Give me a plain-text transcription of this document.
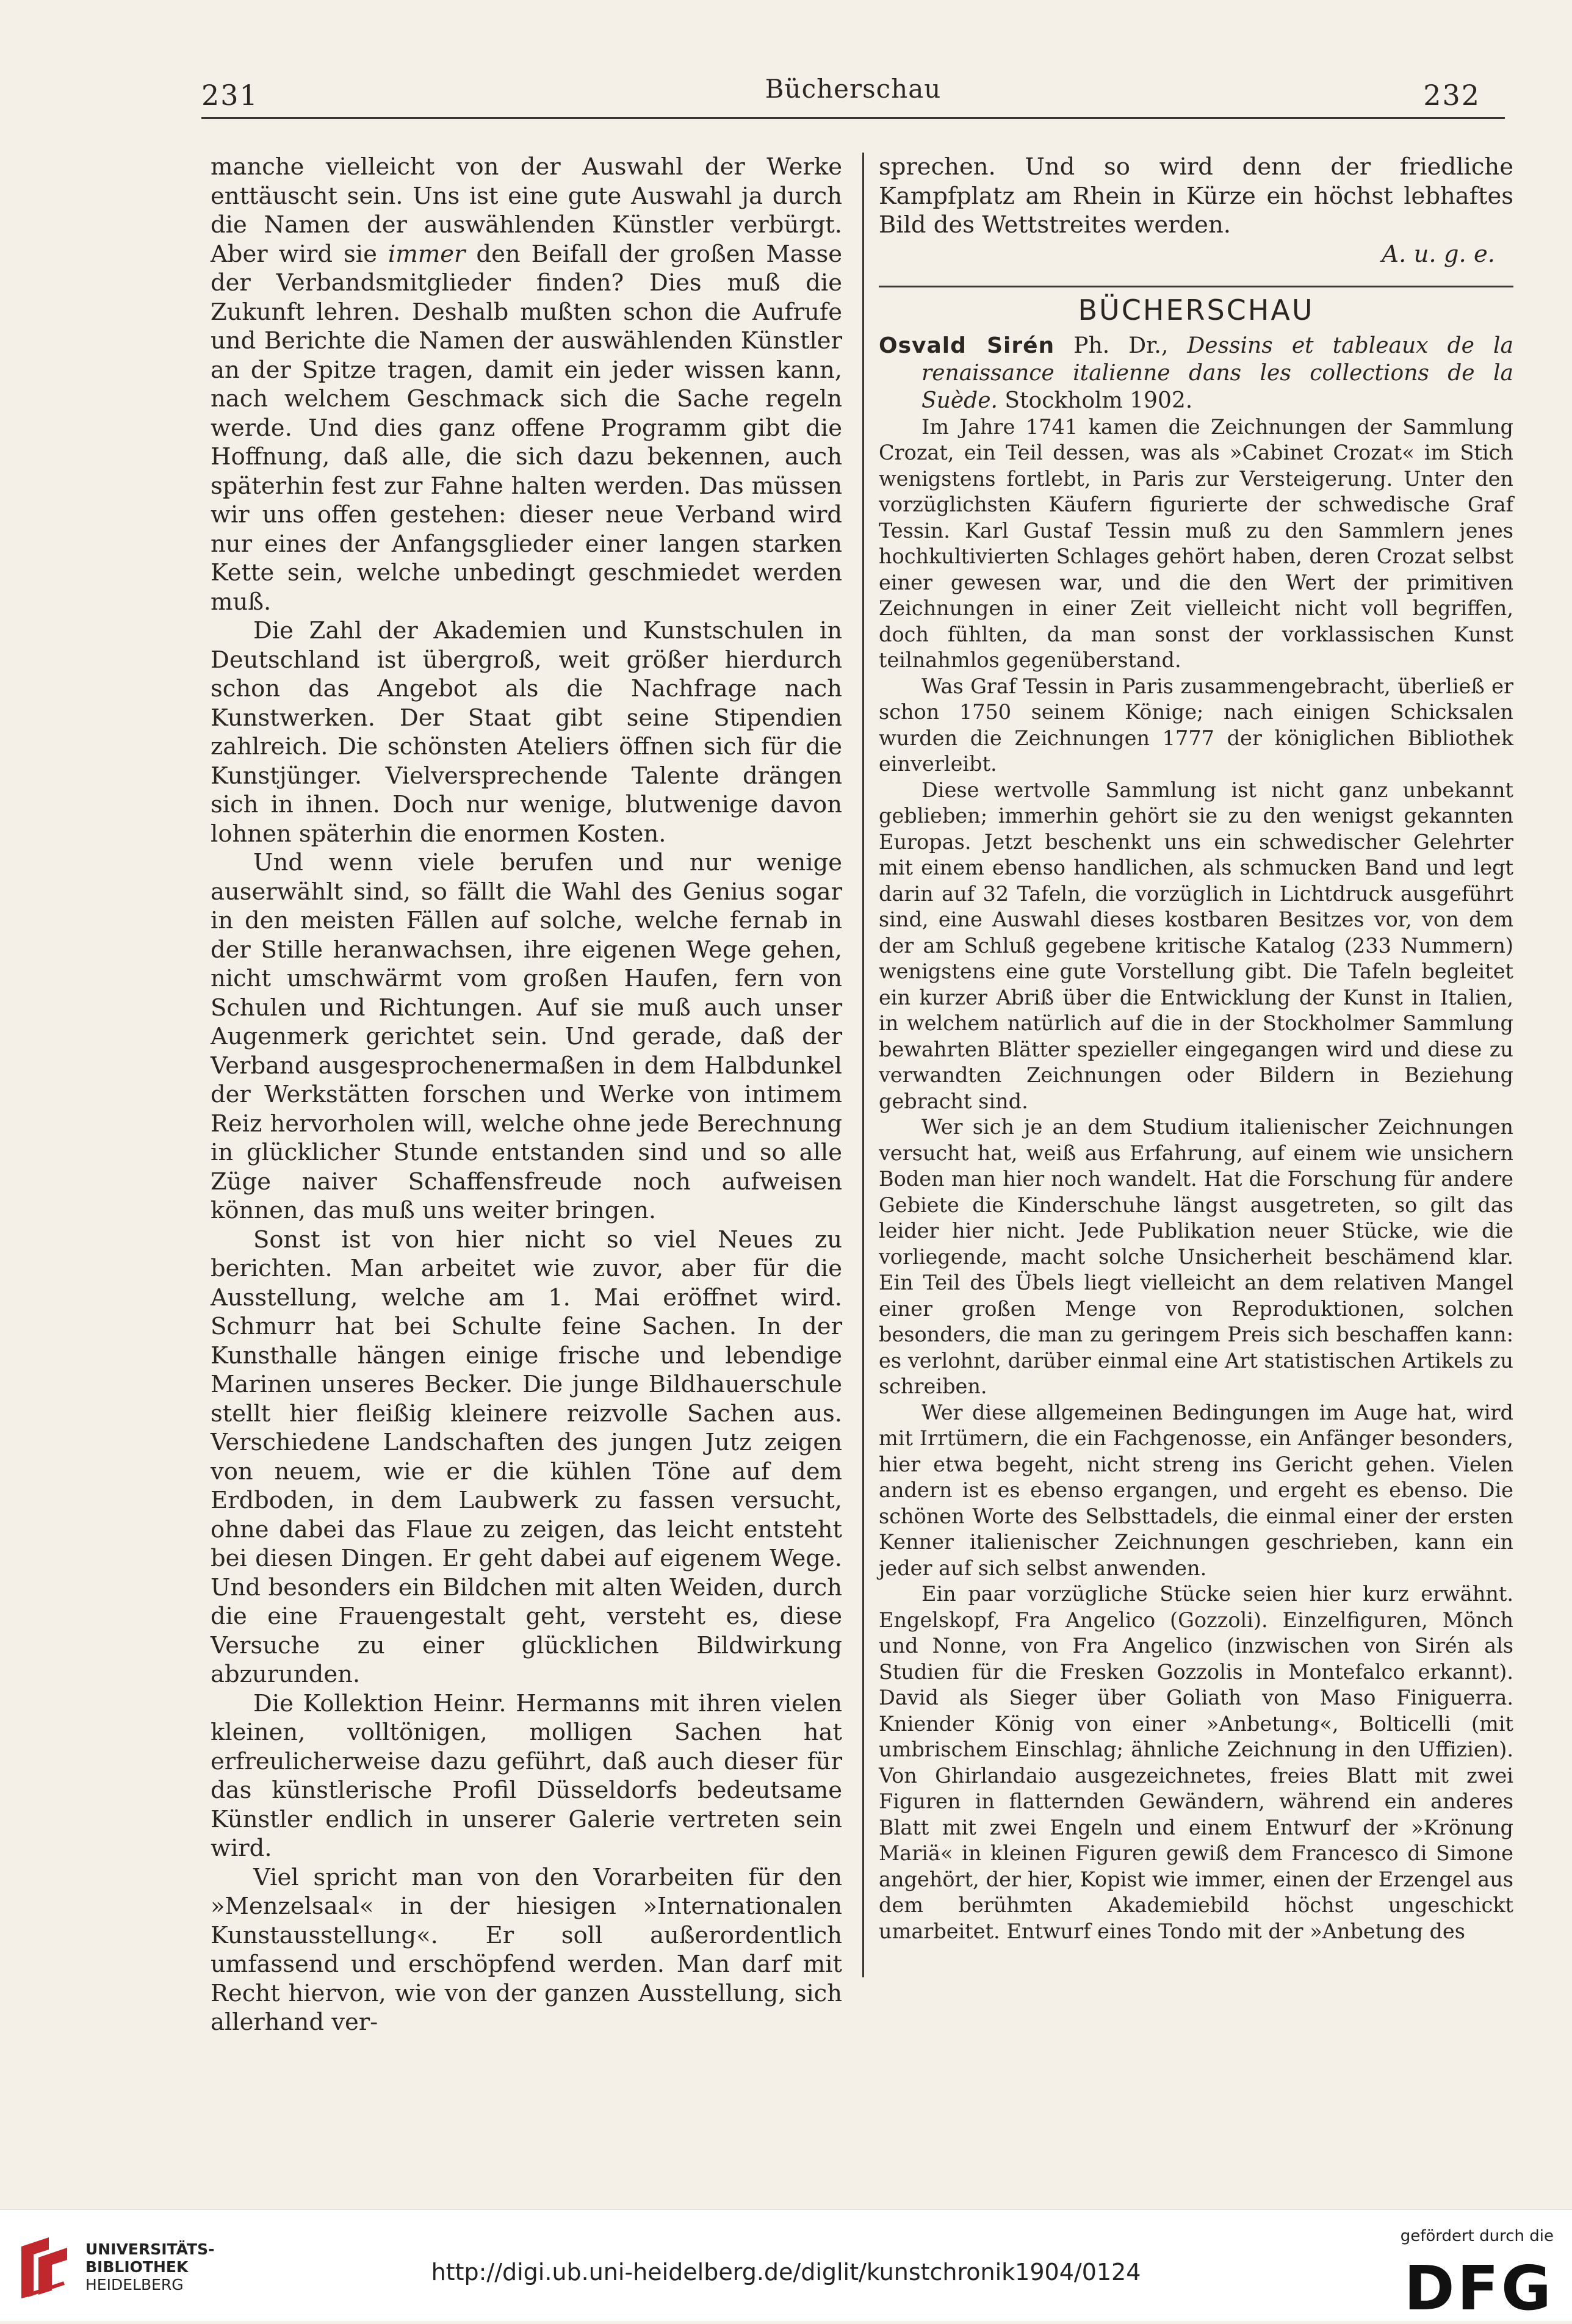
231	Bücherschau	232

manche vielleicht von der Auswahl der Werke enttäuscht sein. Uns ist eine gute Auswahl ja durch die Namen der auswählenden Künstler verbürgt. Aber wird sie immer den Beifall der großen Masse der Verbandsmitglieder finden? Dies muß die Zukunft lehren. Deshalb mußten schon die Aufrufe und Berichte die Namen der auswählenden Künstler an der Spitze tragen, damit ein jeder wissen kann, nach welchem Geschmack sich die Sache regeln werde. Und dies ganz offene Programm gibt die Hoffnung, daß alle, die sich dazu bekennen, auch späterhin fest zur Fahne halten werden. Das müssen wir uns offen gestehen: dieser neue Verband wird nur eines der Anfangsglieder einer langen starken Kette sein, welche unbedingt geschmiedet werden muß.

Die Zahl der Akademien und Kunstschulen in Deutschland ist übergroß, weit größer hierdurch schon das Angebot als die Nachfrage nach Kunstwerken. Der Staat gibt seine Stipendien zahlreich. Die schönsten Ateliers öffnen sich für die Kunstjünger. Vielversprechende Talente drängen sich in ihnen. Doch nur wenige, blutwenige davon lohnen späterhin die enormen Kosten.

Und wenn viele berufen und nur wenige auserwählt sind, so fällt die Wahl des Genius sogar in den meisten Fällen auf solche, welche fernab in der Stille heranwachsen, ihre eigenen Wege gehen, nicht umschwärmt vom großen Haufen, fern von Schulen und Richtungen. Auf sie muß auch unser Augenmerk gerichtet sein. Und gerade, daß der Verband ausgesprochenermaßen in dem Halbdunkel der Werkstätten forschen und Werke von intimem Reiz hervorholen will, welche ohne jede Berechnung in glücklicher Stunde entstanden sind und so alle Züge naiver Schaffensfreude noch aufweisen können, das muß uns weiter bringen.

Sonst ist von hier nicht so viel Neues zu berichten. Man arbeitet wie zuvor, aber für die Ausstellung, welche am 1. Mai eröffnet wird. Schmurr hat bei Schulte feine Sachen. In der Kunsthalle hängen einige frische und lebendige Marinen unseres Becker. Die junge Bildhauerschule stellt hier fleißig kleinere reizvolle Sachen aus. Verschiedene Landschaften des jungen Jutz zeigen von neuem, wie er die kühlen Töne auf dem Erdboden, in dem Laubwerk zu fassen versucht, ohne dabei das Flaue zu zeigen, das leicht entsteht bei diesen Dingen. Er geht dabei auf eigenem Wege. Und besonders ein Bildchen mit alten Weiden, durch die eine Frauengestalt geht, versteht es, diese Versuche zu einer glücklichen Bildwirkung abzurunden.

Die Kollektion Heinr. Hermanns mit ihren vielen kleinen, volltönigen, molligen Sachen hat erfreulicherweise dazu geführt, daß auch dieser für das künstlerische Profil Düsseldorfs bedeutsame Künstler endlich in unserer Galerie vertreten sein wird.

Viel spricht man von den Vorarbeiten für den »Menzelsaal« in der hiesigen »Internationalen Kunstausstellung«. Er soll außerordentlich umfassend und erschöpfend werden. Man darf mit Recht hiervon, wie von der ganzen Ausstellung, sich allerhand ver-

sprechen. Und so wird denn der friedliche Kampfplatz am Rhein in Kürze ein höchst lebhaftes Bild des Wettstreites werden.

A. u. g. e.
BÜCHERSCHAU

Osvald Sirén Ph. Dr., Dessins et tableaux de la renaissance italienne dans les collections de la Suède. Stockholm 1902.

Im Jahre 1741 kamen die Zeichnungen der Sammlung Crozat, ein Teil dessen, was als »Cabinet Crozat« im Stich wenigstens fortlebt, in Paris zur Versteigerung. Unter den vorzüglichsten Käufern figurierte der schwedische Graf Tessin. Karl Gustaf Tessin muß zu den Sammlern jenes hochkultivierten Schlages gehört haben, deren Crozat selbst einer gewesen war, und die den Wert der primitiven Zeichnungen in einer Zeit vielleicht nicht voll begriffen, doch fühlten, da man sonst der vorklassischen Kunst teilnahmlos gegenüberstand.

Was Graf Tessin in Paris zusammengebracht, überließ er schon 1750 seinem Könige; nach einigen Schicksalen wurden die Zeichnungen 1777 der königlichen Bibliothek einverleibt.

Diese wertvolle Sammlung ist nicht ganz unbekannt geblieben; immerhin gehört sie zu den wenigst gekannten Europas. Jetzt beschenkt uns ein schwedischer Gelehrter mit einem ebenso handlichen, als schmucken Band und legt darin auf 32 Tafeln, die vorzüglich in Lichtdruck ausgeführt sind, eine Auswahl dieses kostbaren Besitzes vor, von dem der am Schluß gegebene kritische Katalog (233 Nummern) wenigstens eine gute Vorstellung gibt. Die Tafeln begleitet ein kurzer Abriß über die Entwicklung der Kunst in Italien, in welchem natürlich auf die in der Stockholmer Sammlung bewahrten Blätter spezieller eingegangen wird und diese zu verwandten Zeichnungen oder Bildern in Beziehung gebracht sind.

Wer sich je an dem Studium italienischer Zeichnungen versucht hat, weiß aus Erfahrung, auf einem wie unsichern Boden man hier noch wandelt. Hat die Forschung für andere Gebiete die Kinderschuhe längst ausgetreten, so gilt das leider hier nicht. Jede Publikation neuer Stücke, wie die vorliegende, macht solche Unsicherheit beschämend klar. Ein Teil des Übels liegt vielleicht an dem relativen Mangel einer großen Menge von Reproduktionen, solchen besonders, die man zu geringem Preis sich beschaffen kann: es verlohnt, darüber einmal eine Art statistischen Artikels zu schreiben.

Wer diese allgemeinen Bedingungen im Auge hat, wird mit Irrtümern, die ein Fachgenosse, ein Anfänger besonders, hier etwa begeht, nicht streng ins Gericht gehen. Vielen andern ist es ebenso ergangen, und ergeht es ebenso. Die schönen Worte des Selbsttadels, die einmal einer der ersten Kenner italienischer Zeichnungen geschrieben, kann ein jeder auf sich selbst anwenden.

Ein paar vorzügliche Stücke seien hier kurz erwähnt. Engelskopf, Fra Angelico (Gozzoli). Einzelfiguren, Mönch und Nonne, von Fra Angelico (inzwischen von Sirén als Studien für die Fresken Gozzolis in Montefalco erkannt). David als Sieger über Goliath von Maso Finiguerra. Kniender König von einer »Anbetung«, Bolticelli (mit umbrischem Einschlag; ähnliche Zeichnung in den Uffizien). Von Ghirlandaio ausgezeichnetes, freies Blatt mit zwei Figuren in flatternden Gewändern, während ein anderes Blatt mit zwei Engeln und einem Entwurf der »Krönung Mariä« in kleinen Figuren gewiß dem Francesco di Simone angehört, der hier, Kopist wie immer, einen der Erzengel aus dem berühmten Akademiebild höchst ungeschickt umarbeitet. Entwurf eines Tondo mit der »Anbetung des

UNIVERSITÄTS-
BIBLIOTHEK
HEIDELBERG	http://digi.ub.uni-heidelberg.de/diglit/kunstchronik1904/0124
gefördert durch die
DFG
